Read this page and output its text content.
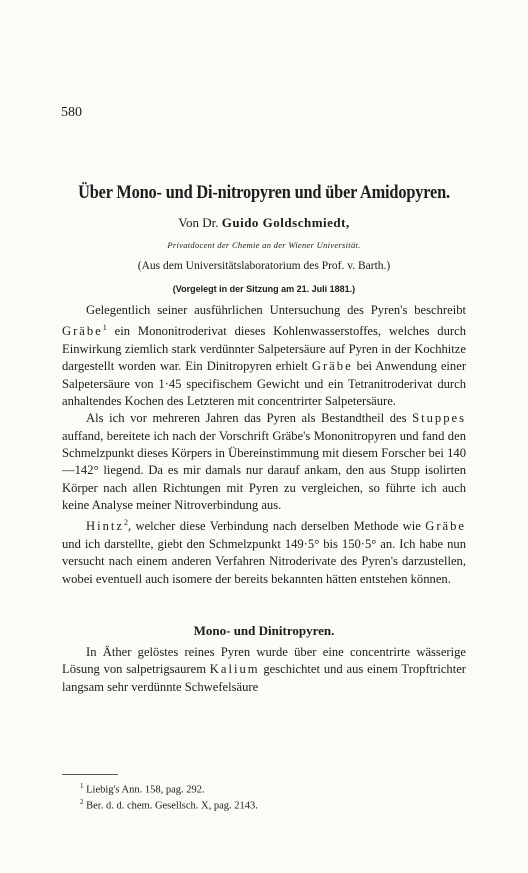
580
Über Mono- und Di-nitropyren und über Amidopyren.
Von Dr. Guido Goldschmiedt,
Privatdocent der Chemie an der Wiener Universität.
(Aus dem Universitätslaboratorium des Prof. v. Barth.)
(Vorgelegt in der Sitzung am 21. Juli 1881.)

Gelegentlich seiner ausführlichen Untersuchung des Pyren's beschreibt Gräbe$^1$ ein Mononitroderivat dieses Kohlenwasserstoffes, welches durch Einwirkung ziemlich stark verdünnter Salpetersäure auf Pyren in der Kochhitze dargestellt worden war. Ein Dinitropyren erhielt Gräbe bei Anwendung einer Salpetersäure von 1·45 specifischem Gewicht und ein Tetranitroderivat durch anhaltendes Kochen des Letzteren mit concentrirter Salpetersäure.

Als ich vor mehreren Jahren das Pyren als Bestandtheil des Stuppes auffand, bereitete ich nach der Vorschrift Gräbe's Mononitropyren und fand den Schmelzpunkt dieses Körpers in Übereinstimmung mit diesem Forscher bei 140—142° liegend. Da es mir damals nur darauf ankam, den aus Stupp isolirten Körper nach allen Richtungen mit Pyren zu vergleichen, so führte ich auch keine Analyse meiner Nitroverbindung aus.

Hintz$^2$, welcher diese Verbindung nach derselben Methode wie Gräbe und ich darstellte, giebt den Schmelzpunkt 149·5° bis 150·5° an. Ich habe nun versucht nach einem anderen Verfahren Nitroderivate des Pyren's darzustellen, wobei eventuell auch isomere der bereits bekannten hätten entstehen können.

Mono- und Dinitropyren.

In Äther gelöstes reines Pyren wurde über eine concentrirte wässerige Lösung von salpetrigsaurem Kalium geschichtet und aus einem Tropftrichter langsam sehr verdünnte Schwefelsäure

$^1$ Liebig's Ann. 158, pag. 292.
$^2$ Ber. d. d. chem. Gesellsch. X, pag. 2143.
